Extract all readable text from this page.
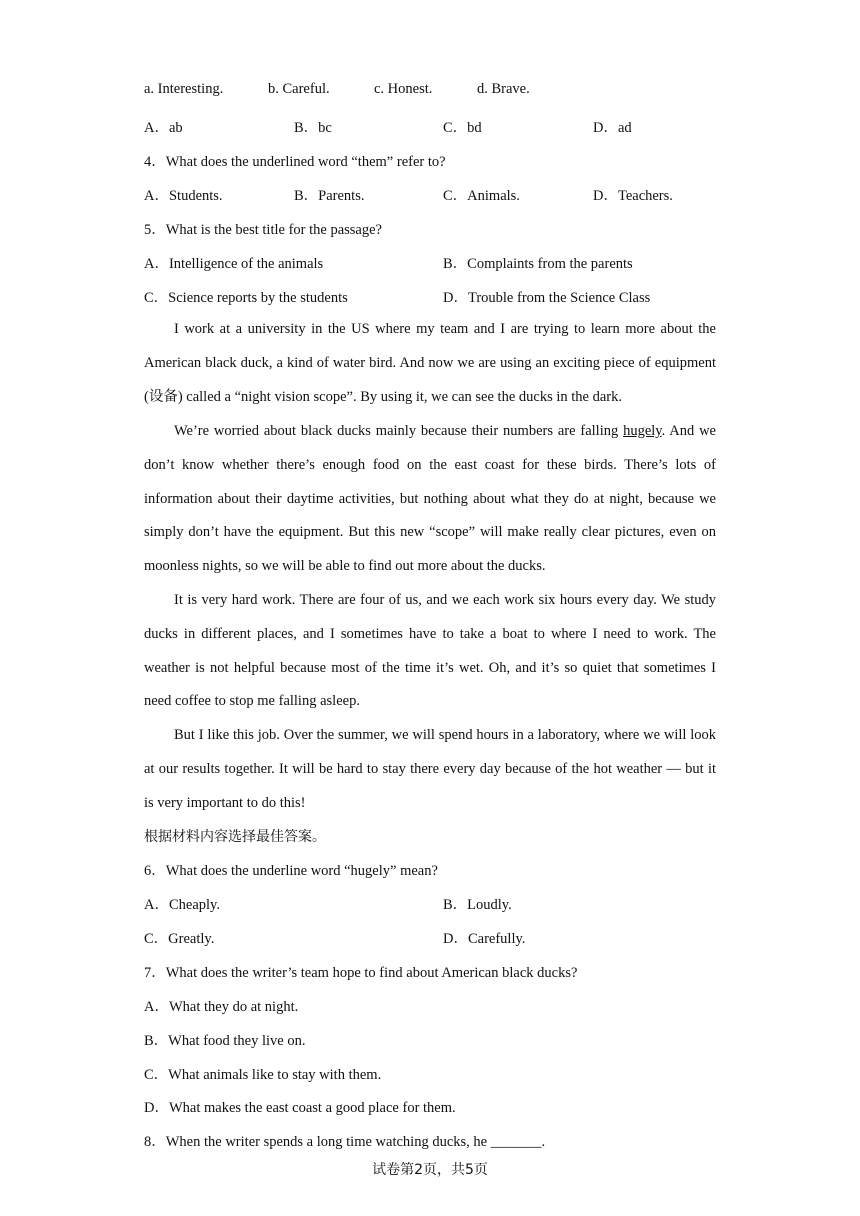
a. Interesting.	b. Careful.	c. Honest.	d. Brave.
A．ab	B．bc	C．bd	D．ad
4．What does the underlined word “them” refer to?
A．Students.	B．Parents.	C．Animals.	D．Teachers.
5．What is the best title for the passage?
A．Intelligence of the animals	B．Complaints from the parents
C．Science reports by the students	D．Trouble from the Science Class
I work at a university in the US where my team and I are trying to learn more about the American black duck, a kind of water bird. And now we are using an exciting piece of equipment (设备) called a “night vision scope”. By using it, we can see the ducks in the dark.
We’re worried about black ducks mainly because their numbers are falling hugely. And we don’t know whether there’s enough food on the east coast for these birds. There’s lots of information about their daytime activities, but nothing about what they do at night, because we simply don’t have the equipment. But this new “scope” will make really clear pictures, even on moonless nights, so we will be able to find out more about the ducks.
It is very hard work. There are four of us, and we each work six hours every day. We study ducks in different places, and I sometimes have to take a boat to where I need to work. The weather is not helpful because most of the time it’s wet. Oh, and it’s so quiet that sometimes I need coffee to stop me falling asleep.
But I like this job. Over the summer, we will spend hours in a laboratory, where we will look at our results together. It will be hard to stay there every day because of the hot weather — but it is very important to do this!
根据材料内容选择最佳答案。
6．What does the underline word “hugely” mean?
A．Cheaply.	B．Loudly.
C．Greatly.	D．Carefully.
7．What does the writer’s team hope to find about American black ducks?
A．What they do at night.
B．What food they live on.
C．What animals like to stay with them.
D．What makes the east coast a good place for them.
8．When the writer spends a long time watching ducks, he _______.
试卷第2页，共5页
